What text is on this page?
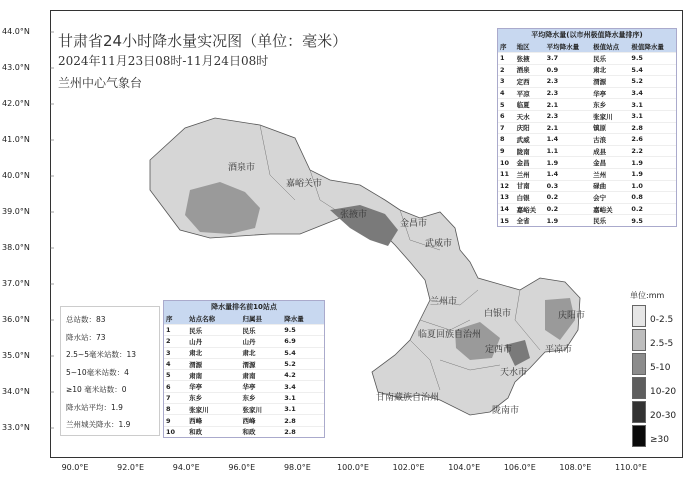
甘肃省24小时降水量实况图（单位：毫米）
2024年11月23日08时-11月24日08时
兰州中心气象台
44.0°N
43.0°N
42.0°N
41.0°N
40.0°N
39.0°N
38.0°N
37.0°N
36.0°N
35.0°N
34.0°N
33.0°N
90.0°E	92.0°E	94.0°E	96.0°E	98.0°E	100.0°E	102.0°E	104.0°E	106.0°E	108.0°E	110.0°E
酒泉市
嘉峪关市
张掖市
金昌市
武威市
兰州市
白银市
临夏回族自治州
定西市
天水市
甘南藏族自治州
陇南市
庆阳市
平凉市
平均降水量(以市州极值降水量排序)
序	地区	平均降水量	极值站点	极值降水量
1	张掖	3.7	民乐	9.5
2	酒泉	0.9	肃北	5.4
3	定西	2.3	渭源	5.2
4	平凉	2.3	华亭	3.4
5	临夏	2.1	东乡	3.1
6	天水	2.3	张家川	3.1
7	庆阳	2.1	镇原	2.8
8	武威	1.4	古浪	2.6
9	陇南	1.1	成县	2.2
10	金昌	1.9	金昌	1.9
11	兰州	1.4	兰州	1.9
12	甘南	0.3	碌曲	1.0
13	白银	0.2	会宁	0.8
14	嘉峪关	0.2	嘉峪关	0.2
15	全省	1.9	民乐	9.5
总站数：83
降水站：73
2.5~5毫米站数：13
5~10毫米站数：4
≥10 毫米站数：0
降水站平均：1.9
兰州城关降水：1.9
降水量排名前10站点
序	站点名称	归属县	降水量
1	民乐	民乐	9.5
2	山丹	山丹	6.9
3	肃北	肃北	5.4
4	渭源	渭源	5.2
5	肃南	肃南	4.2
6	华亭	华亭	3.4
7	东乡	东乡	3.1
8	张家川	张家川	3.1
9	西峰	西峰	2.8
10	和政	和政	2.8
单位:mm
0-2.5
2.5-5
5-10
10-20
20-30
≥30
